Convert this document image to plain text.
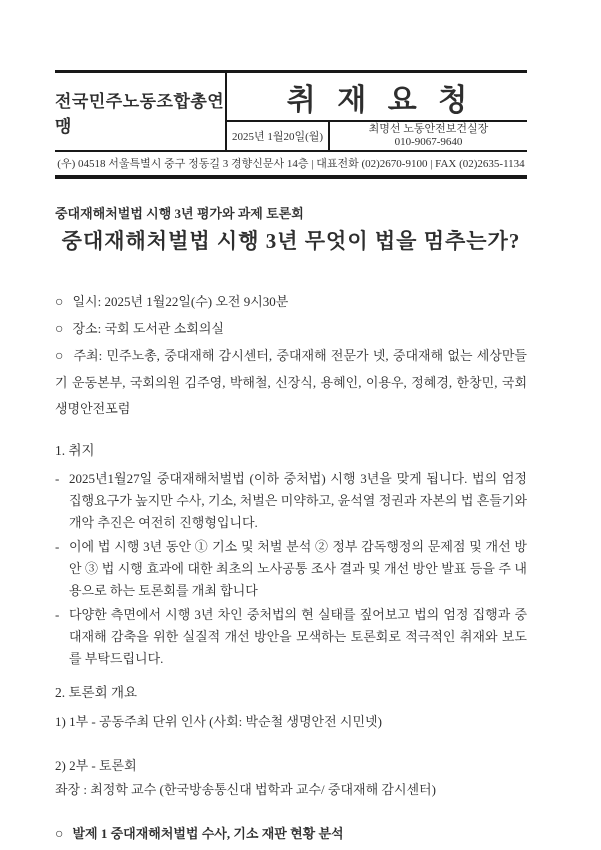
전국민주노동조합총연맹
취 재 요 청
2025년 1월20일(월)
최명선 노동안전보건실장
010-9067-9640
(우) 04518 서울특별시 중구 정동길 3 경향신문사 14층 | 대표전화 (02)2670-9100 | FAX (02)2635-1134
중대재해처벌법 시행 3년 평가와 과제 토론회
중대재해처벌법 시행 3년 무엇이 법을 멈추는가?

○ 일시: 2025년 1월22일(수) 오전 9시30분

○ 장소: 국회 도서관 소회의실

○ 주최: 민주노총, 중대재해 감시센터, 중대재해 전문가 넷, 중대재해 없는 세상만들기 운동본부, 국회의원 김주영, 박해철, 신장식, 용혜인, 이용우, 정혜경, 한창민, 국회 생명안전포럼

1. 취지
- 2025년1월27일 중대재해처벌법 (이하 중처법) 시행 3년을 맞게 됩니다. 법의 엄정 집행요구가 높지만 수사, 기소, 처벌은 미약하고, 윤석열 정권과 자본의 법 흔들기와 개악 추진은 여전히 진행형입니다.
- 이에 법 시행 3년 동안 ① 기소 및 처벌 분석 ② 정부 감독행정의 문제점 및 개선 방안 ③ 법 시행 효과에 대한 최초의 노사공통 조사 결과 및 개선 방안 발표 등을 주 내용으로 하는 토론회를 개최 합니다
- 다양한 측면에서 시행 3년 차인 중처법의 현 실태를 짚어보고 법의 엄정 집행과 중대재해 감축을 위한 실질적 개선 방안을 모색하는 토론회로 적극적인 취재와 보도를 부탁드립니다.
2. 토론회 개요

1) 1부 - 공동주최 단위 인사 (사회: 박순철 생명안전 시민넷)

2) 2부 - 토론회

좌장 : 최정학 교수 (한국방송통신대 법학과 교수/ 중대재해 감시센터)

○ 발제 1 중대재해처벌법 수사, 기소 재판 현황 분석
